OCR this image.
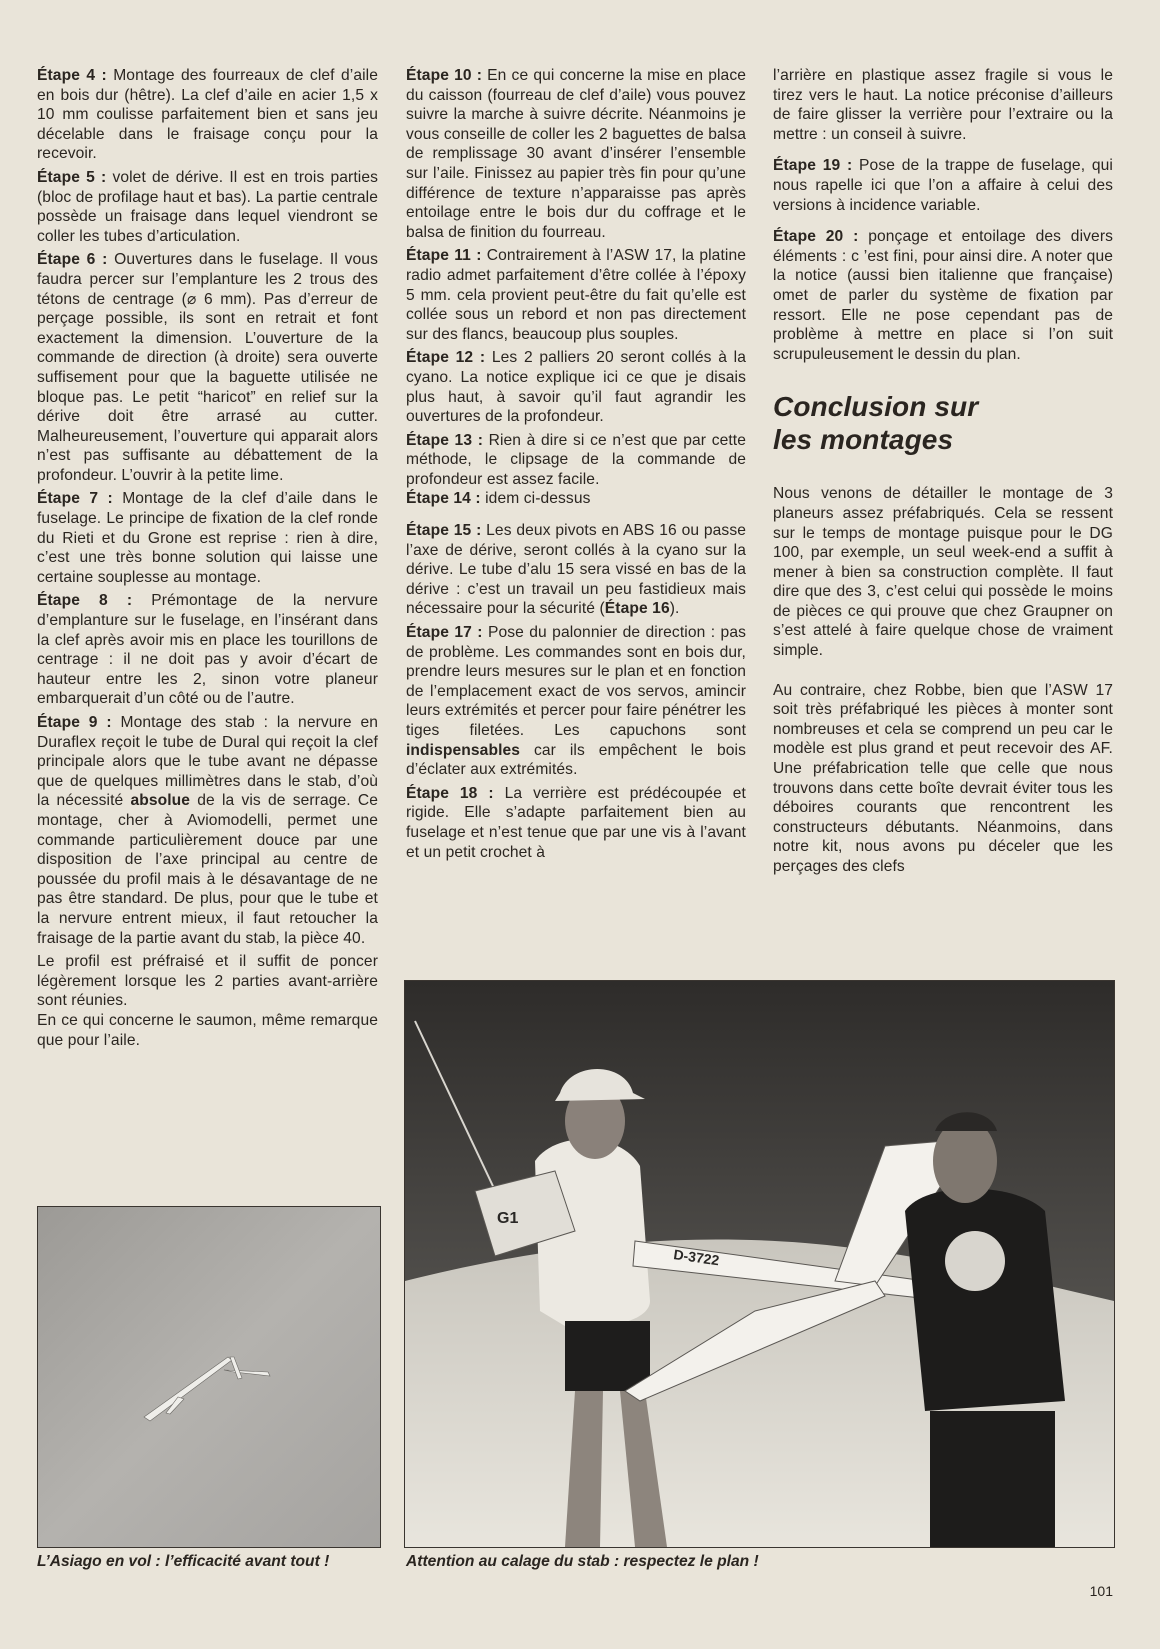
Étape 4 : Montage des fourreaux de clef d’aile en bois dur (hêtre). La clef d’aile en acier 1,5 x 10 mm coulisse parfaitement bien et sans jeu décelable dans le fraisage conçu pour la recevoir.

Étape 5 : volet de dérive. Il est en trois parties (bloc de profilage haut et bas). La partie centrale possède un fraisage dans lequel viendront se coller les tubes d’articulation.

Étape 6 : Ouvertures dans le fuselage. Il vous faudra percer sur l’emplanture les 2 trous des tétons de centrage (⌀ 6 mm). Pas d’erreur de perçage possible, ils sont en retrait et font exactement la dimension. L’ouverture de la commande de direction (à droite) sera ouverte suffisement pour que la baguette utilisée ne bloque pas. Le petit “haricot” en relief sur la dérive doit être arrasé au cutter. Malheureusement, l’ouverture qui apparait alors n’est pas suffisante au débattement de la profondeur. L’ouvrir à la petite lime.

Étape 7 : Montage de la clef d’aile dans le fuselage. Le principe de fixation de la clef ronde du Rieti et du Grone est reprise : rien à dire, c’est une très bonne solution qui laisse une certaine souplesse au montage.

Étape 8 : Prémontage de la nervure d’emplanture sur le fuselage, en l’insérant dans la clef après avoir mis en place les tourillons de centrage : il ne doit pas y avoir d’écart de hauteur entre les 2, sinon votre planeur embarquerait d’un côté ou de l’autre.

Étape 9 : Montage des stab : la nervure en Duraflex reçoit le tube de Dural qui reçoit la clef principale alors que le tube avant ne dépasse que de quelques millimètres dans le stab, d’où la nécessité absolue de la vis de serrage. Ce montage, cher à Aviomodelli, permet une commande particulièrement douce par une disposition de l’axe principal au centre de poussée du profil mais à le désavantage de ne pas être standard. De plus, pour que le tube et la nervure entrent mieux, il faut retoucher la fraisage de la partie avant du stab, la pièce 40.

Le profil est préfraisé et il suffit de poncer légèrement lorsque les 2 parties avant-arrière sont réunies.

En ce qui concerne le saumon, même remarque que pour l’aile.

Étape 10 : En ce qui concerne la mise en place du caisson (fourreau de clef d’aile) vous pouvez suivre la marche à suivre décrite. Néanmoins je vous conseille de coller les 2 baguettes de balsa de remplissage 30 avant d’insérer l’ensemble sur l’aile. Finissez au papier très fin pour qu’une différence de texture n’apparaisse pas après entoilage entre le bois dur du coffrage et le balsa de finition du fourreau.

Étape 11 : Contrairement à l’ASW 17, la platine radio admet parfaitement d’être collée à l’époxy 5 mm. cela provient peut-être du fait qu’elle est collée sous un rebord et non pas directement sur des flancs, beaucoup plus souples.

Étape 12 : Les 2 palliers 20 seront collés à la cyano. La notice explique ici ce que je disais plus haut, à savoir qu’il faut agrandir les ouvertures de la profondeur.

Étape 13 : Rien à dire si ce n’est que par cette méthode, le clipsage de la commande de profondeur est assez facile.

Étape 14 : idem ci-dessus

Étape 15 : Les deux pivots en ABS 16 ou passe l’axe de dérive, seront collés à la cyano sur la dérive. Le tube d’alu 15 sera vissé en bas de la dérive : c’est un travail un peu fastidieux mais nécessaire pour la sécurité (Étape 16).

Étape 17 : Pose du palonnier de direction : pas de problème. Les commandes sont en bois dur, prendre leurs mesures sur le plan et en fonction de l’emplacement exact de vos servos, amincir leurs extrémités et percer pour faire pénétrer les tiges filetées. Les capuchons sont indispensables car ils empêchent le bois d’éclater aux extrémités.

Étape 18 : La verrière est prédécoupée et rigide. Elle s’adapte parfaitement bien au fuselage et n’est tenue que par une vis à l’avant et un petit crochet à

l’arrière en plastique assez fragile si vous le tirez vers le haut. La notice préconise d’ailleurs de faire glisser la verrière pour l’extraire ou la mettre : un conseil à suivre.

Étape 19 : Pose de la trappe de fuselage, qui nous rapelle ici que l’on a affaire à celui des versions à incidence variable.

Étape 20 : ponçage et entoilage des divers éléments : c ’est fini, pour ainsi dire. A noter que la notice (aussi bien italienne que française) omet de parler du système de fixation par ressort. Elle ne pose cependant pas de problème à mettre en place si l’on suit scrupuleusement le dessin du plan.

Conclusion sur
les montages

Nous venons de détailler le montage de 3 planeurs assez préfabriqués. Cela se ressent sur le temps de montage puisque pour le DG 100, par exemple, un seul week-end a suffit à mener à bien sa construction complète. Il faut dire que des 3, c’est celui qui possède le moins de pièces ce qui prouve que chez Graupner on s’est attelé à faire quelque chose de vraiment simple.

Au contraire, chez Robbe, bien que l’ASW 17 soit très préfabriqué les pièces à monter sont nombreuses et cela se comprend un peu car le modèle est plus grand et peut recevoir des AF. Une préfabrication telle que celle que nous trouvons dans cette boîte devrait éviter tous les déboires courants que rencontrent les constructeurs débutants. Néanmoins, dans notre kit, nous avons pu déceler que les perçages des clefs

D-3722
G1
L’Asiago en vol : l’efficacité avant tout !	Attention au calage du stab : respectez le plan !
101
